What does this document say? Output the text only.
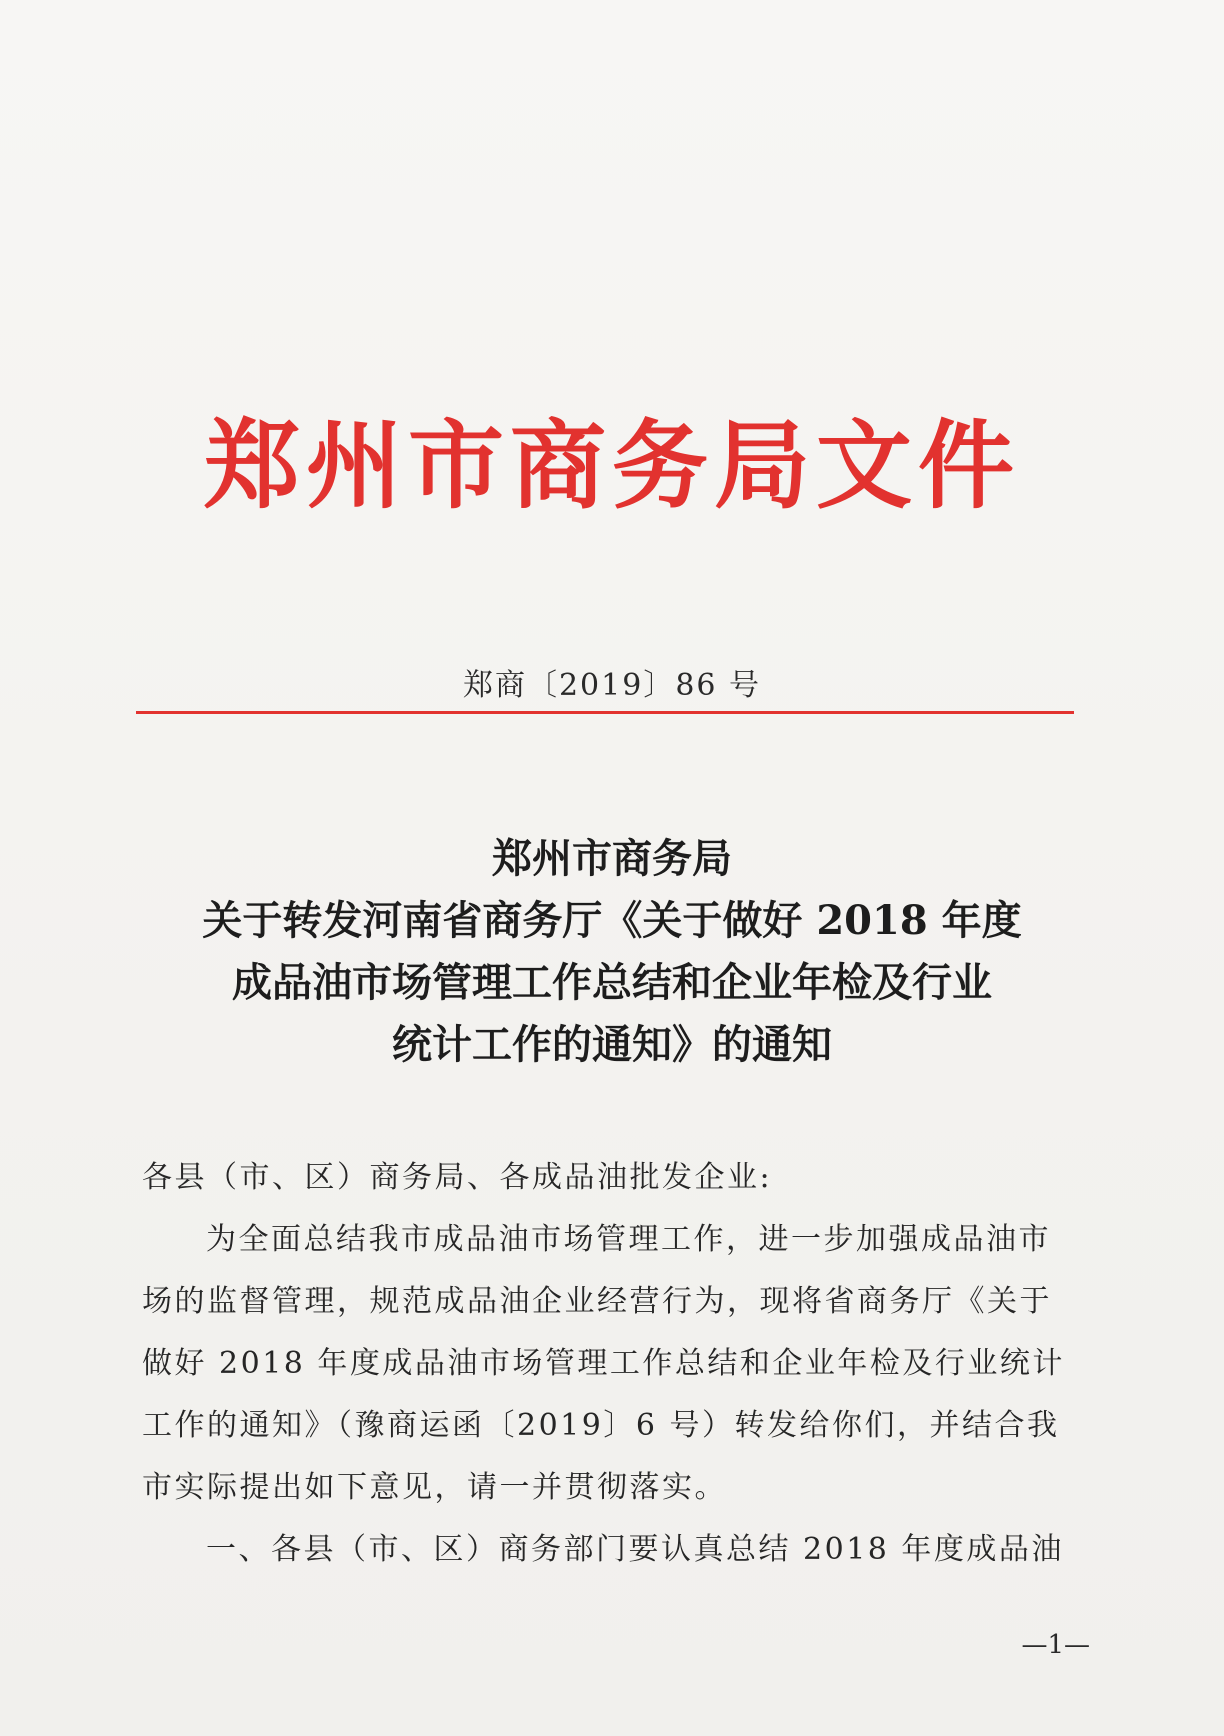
郑州市商务局文件
郑商〔2019〕86 号
郑州市商务局
关于转发河南省商务厅《关于做好 2018 年度
成品油市场管理工作总结和企业年检及行业
统计工作的通知》的通知

各县（市、区）商务局、各成品油批发企业:

为全面总结我市成品油市场管理工作，进一步加强成品油市

场的监督管理，规范成品油企业经营行为，现将省商务厅《关于

做好 2018 年度成品油市场管理工作总结和企业年检及行业统计

工作的通知》（豫商运函〔2019〕6 号）转发给你们，并结合我

市实际提出如下意见，请一并贯彻落实。

一、各县（市、区）商务部门要认真总结 2018 年度成品油

—1—
